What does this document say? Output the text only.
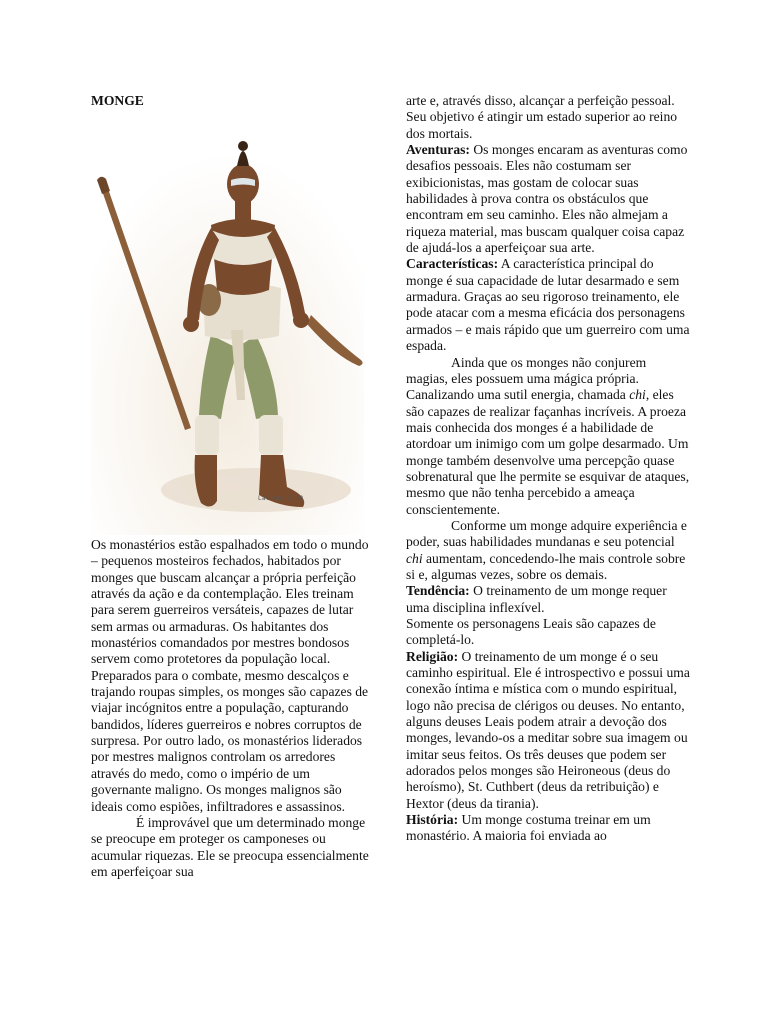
MONGE
LaCroix 2000

Os monastérios estão espalhados em todo o mundo – pequenos mosteiros fechados, habitados por monges que buscam alcançar a própria perfeição através da ação e da contemplação. Eles treinam para serem guerreiros versáteis, capazes de lutar sem armas ou armaduras. Os habitantes dos monastérios comandados por mestres bondosos servem como protetores da população local. Preparados para o combate, mesmo descalços e trajando roupas simples, os monges são capazes de viajar incógnitos entre a população, capturando bandidos, líderes guerreiros e nobres corruptos de surpresa. Por outro lado, os monastérios liderados por mestres malignos controlam os arredores através do medo, como o império de um governante maligno. Os monges malignos são ideais como espiões, infiltradores e assassinos.

É improvável que um determinado monge se preocupe em proteger os camponeses ou acumular riquezas. Ele se preocupa essencialmente em aperfeiçoar sua

arte e, através disso, alcançar a perfeição pessoal. Seu objetivo é atingir um estado superior ao reino dos mortais.

Aventuras: Os monges encaram as aventuras como desafios pessoais. Eles não costumam ser exibicionistas, mas gostam de colocar suas habilidades à prova contra os obstáculos que encontram em seu caminho. Eles não almejam a riqueza material, mas buscam qualquer coisa capaz de ajudá-los a aperfeiçoar sua arte.

Características: A característica principal do monge é sua capacidade de lutar desarmado e sem armadura. Graças ao seu rigoroso treinamento, ele pode atacar com a mesma eficácia dos personagens armados – e mais rápido que um guerreiro com uma espada.

Ainda que os monges não conjurem magias, eles possuem uma mágica própria. Canalizando uma sutil energia, chamada chi, eles são capazes de realizar façanhas incríveis. A proeza mais conhecida dos monges é a habilidade de atordoar um inimigo com um golpe desarmado. Um monge também desenvolve uma percepção quase sobrenatural que lhe permite se esquivar de ataques, mesmo que não tenha percebido a ameaça conscientemente.

Conforme um monge adquire experiência e poder, suas habilidades mundanas e seu potencial chi aumentam, concedendo-lhe mais controle sobre si e, algumas vezes, sobre os demais.

Tendência: O treinamento de um monge requer uma disciplina inflexível.

Somente os personagens Leais são capazes de completá-lo.

Religião: O treinamento de um monge é o seu caminho espiritual. Ele é introspectivo e possui uma conexão íntima e mística com o mundo espiritual, logo não precisa de clérigos ou deuses. No entanto, alguns deuses Leais podem atrair a devoção dos monges, levando-os a meditar sobre sua imagem ou imitar seus feitos. Os três deuses que podem ser adorados pelos monges são Heironeous (deus do heroísmo), St. Cuthbert (deus da retribuição) e Hextor (deus da tirania).

História: Um monge costuma treinar em um monastério. A maioria foi enviada ao
